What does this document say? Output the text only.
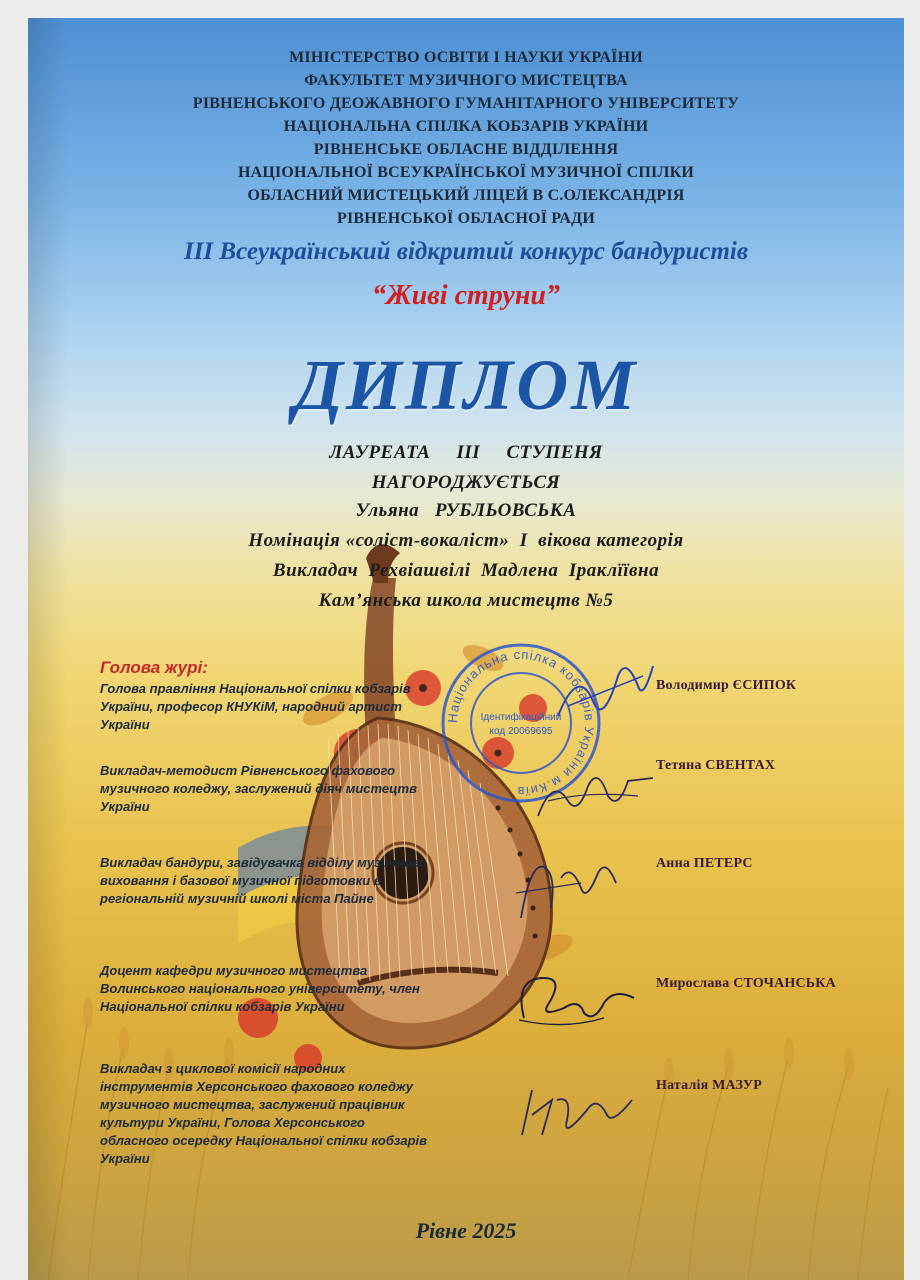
МІНІСТЕРСТВО ОСВІТИ І НАУКИ УКРАЇНИ
ФАКУЛЬТЕТ МУЗИЧНОГО МИСТЕЦТВА
РІВНЕНСЬКОГО ДЕОЖАВНОГО ГУМАНІТАРНОГО УНІВЕРСИТЕТУ
НАЦІОНАЛЬНА СПІЛКА КОБЗАРІВ УКРАЇНИ
РІВНЕНСЬКЕ ОБЛАСНЕ ВІДДІЛЕННЯ
НАЦІОНАЛЬНОЇ ВСЕУКРАЇНСЬКОЇ МУЗИЧНОЇ СПІЛКИ
ОБЛАСНИЙ МИСТЕЦЬКИЙ ЛІЦЕЙ В С.ОЛЕКСАНДРІЯ
РІВНЕНСЬКОЇ ОБЛАСНОЇ РАДИ
ІІІ Всеукраїнський відкритий конкурс бандуристів
“Живі струни”
ДИПЛОМ
ЛАУРЕАТА     ІІІ     СТУПЕНЯ
НАГОРОДЖУЄТЬСЯ
Ульяна   РУБЛЬОВСЬКА
Номінація «соліст-вокаліст»  І  вікова категорія
Викладач  Рехвіашвілі  Мадлена  Іраклїївна
Кам’янська школа мистецтв №5
Голова журі:
Голова правління Національної спілки кобзарів України, професор КНУКіМ, народний артист України
Володимир ЄСИПОК
Викладач-методист Рівненського фахового музичного коледжу, заслужений діяч мистецтв України
Тетяна СВЕНТАХ
Викладач бандури, завідувачка відділу музичного виховання і базової музичної підготовки в регіональній музичній школі міста Пайне
Анна ПЕТЕРС
Доцент кафедри музичного мистецтва Волинського національного університету, член Національної спілки кобзарів України
Мирослава СТОЧАНСЬКА
Викладач з циклової комісії народних інструментів Херсонського фахового коледжу музичного мистецтва, заслужений працівник культури України, Голова Херсонського обласного осередку Національної спілки кобзарів України
Наталія МАЗУР
Національна спілка кобзарів України м.Київ
Ідентифікаційний
код 20069695
Рівне 2025
